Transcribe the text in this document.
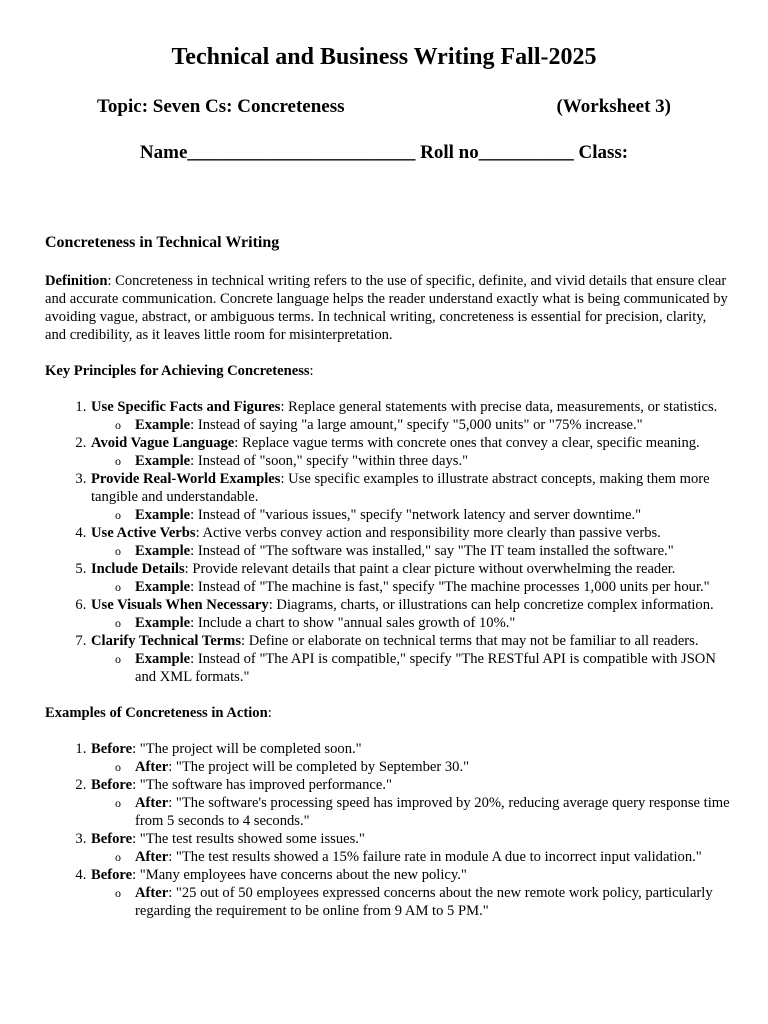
Technical and Business Writing Fall-2025
Topic: Seven Cs: Concreteness	(Worksheet 3)
Name________________________ Roll no__________ Class:
Concreteness in Technical Writing

Definition: Concreteness in technical writing refers to the use of specific, definite, and vivid details that ensure clear and accurate communication. Concrete language helps the reader understand exactly what is being communicated by avoiding vague, abstract, or ambiguous terms. In technical writing, concreteness is essential for precision, clarity, and credibility, as it leaves little room for misinterpretation.

Key Principles for Achieving Concreteness:

1. Use Specific Facts and Figures: Replace general statements with precise data, measurements, or statistics.
o Example: Instead of saying "a large amount," specify "5,000 units" or "75% increase."
2. Avoid Vague Language: Replace vague terms with concrete ones that convey a clear, specific meaning.
o Example: Instead of "soon," specify "within three days."
3. Provide Real-World Examples: Use specific examples to illustrate abstract concepts, making them more tangible and understandable.
o Example: Instead of "various issues," specify "network latency and server downtime."
4. Use Active Verbs: Active verbs convey action and responsibility more clearly than passive verbs.
o Example: Instead of "The software was installed," say "The IT team installed the software."
5. Include Details: Provide relevant details that paint a clear picture without overwhelming the reader.
o Example: Instead of "The machine is fast," specify "The machine processes 1,000 units per hour."
6. Use Visuals When Necessary: Diagrams, charts, or illustrations can help concretize complex information.
o Example: Include a chart to show "annual sales growth of 10%."
7. Clarify Technical Terms: Define or elaborate on technical terms that may not be familiar to all readers.
o Example: Instead of "The API is compatible," specify "The RESTful API is compatible with JSON and XML formats."

Examples of Concreteness in Action:

1. Before: "The project will be completed soon."
o After: "The project will be completed by September 30."
2. Before: "The software has improved performance."
o After: "The software's processing speed has improved by 20%, reducing average query response time from 5 seconds to 4 seconds."
3. Before: "The test results showed some issues."
o After: "The test results showed a 15% failure rate in module A due to incorrect input validation."
4. Before: "Many employees have concerns about the new policy."
o After: "25 out of 50 employees expressed concerns about the new remote work policy, particularly regarding the requirement to be online from 9 AM to 5 PM."
